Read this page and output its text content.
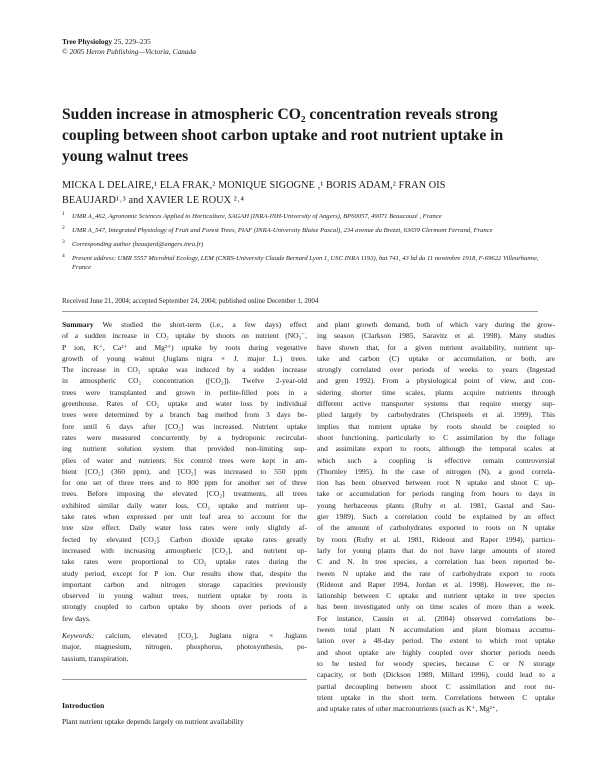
Tree Physiology 25, 229–235
© 2005 Heron Publishing—Victoria, Canada
Sudden increase in atmospheric CO₂ concentration reveals strong coupling between shoot carbon uptake and root nutrient uptake in young walnut trees
MICKA L DELAIRE,¹ ELA FRAK,² MONIQUE SIGOGNE ,¹ BORIS ADAM,² FRAN OIS
BEAUJARD¹˒³ and XAVIER LE ROUX ²˒⁴
1 UMR A_462, Agronomic Sciences Applied to Horticulture, SAGAH (INRA-INH-University of Angers), BP60057, 49071 Beaucouzé , France
2 UMR A_547, Integrated Physiology of Fruit and Forest Trees, PIAF (INRA-University Blaise Pascal), 234 avenue du Brezet, 63039 Clermont Ferrand, France
3 Corresponding author (beaujard@angers.inra.fr)
4 Present address: UMR 5557 Microbial Ecology, LEM (CNRS-University Claude Bernard Lyon 1, USC INRA 1193), bat 741, 43 bd du 11 novembre 1918, F-69622 Villeurbanne, France
Received June 21, 2004; accepted September 24, 2004; published online December 1, 2004
Summary We studied the short-term (i.e., a few days) effect
of a sudden increase in CO₂ uptake by shoots on nutrient (NO₃⁻,
P ion, K⁺, Ca²⁺ and Mg²⁺) uptake by roots during vegetative
growth of young walnut (Juglans nigra × J. major L.) trees.
The increase in CO₂ uptake was induced by a sudden increase
in atmospheric CO₂ concentration ([CO₂]). Twelve 2-year-old
trees were transplanted and grown in perlite-filled pots in a
greenhouse. Rates of CO₂ uptake and water loss by individual
trees were determined by a branch bag method from 3 days be-
fore until 6 days after [CO₂] was increased. Nutrient uptake
rates were measured concurrently by a hydroponic recirculat-
ing nutrient solution system that provided non-limiting sup-
plies of water and nutrients. Six control trees were kept in am-
bient [CO₂] (360 ppm), and [CO₂] was increased to 550 ppm
for one set of three trees and to 800 ppm for another set of three
trees. Before imposing the elevated [CO₂] treatments, all trees
exhibited similar daily water loss, CO₂ uptake and nutrient up-
take rates when expressed per unit leaf area to account for the
tree size effect. Daily water loss rates were only slightly af-
fected by elevated [CO₂]. Carbon dioxide uptake rates greatly
increased with increasing atmospheric [CO₂], and nutrient up-
take rates were proportional to CO₂ uptake rates during the
study period, except for P ion. Our results show that, despite the
important carbon and nitrogen storage capacities previously
observed in young walnut trees, nutrient uptake by roots is
strongly coupled to carbon uptake by shoots over periods of a
few days.
Keywords: calcium, elevated [CO₂], Juglans nigra × Juglans
major, magnesium, nitrogen, phosphorus, photosynthesis, po-
tassium, transpiration.
Introduction
Plant nutrient uptake depends largely on nutrient availability
and plant growth demand, both of which vary during the grow-
ing season (Clarkson 1985, Saravitz et al. 1998). Many studies
have shown that, for a given nutrient availability, nutrient up-
take and carbon (C) uptake or accumulation, or both, are
strongly correlated over periods of weeks to years (Ingestad
and gren 1992). From a physiological point of view, and con-
sidering shorter time scales, plants acquire nutrients through
different active transporter systems that require energy sup-
plied largely by carbohydrates (Chrispeels et al. 1999). This
implies that nutrient uptake by roots should be coupled to
shoot functioning, particularly to C assimilation by the foliage
and assimilate export to roots, although the temporal scales at
which such a coupling is effective remain controversial
(Thornley 1995). In the case of nitrogen (N), a good correla-
tion has been observed between root N uptake and shoot C up-
take or accumulation for periods ranging from hours to days in
young herbaceous plants (Rufty et al. 1981, Gastal and Sau-
gier 1989). Such a correlation could be explained by an effect
of the amount of carbohydrates exported to roots on N uptake
by roots (Rufty et al. 1981, Rideout and Raper 1994), particu-
larly for young plants that do not have large amounts of stored
C and N. In tree species, a correlation has been reported be-
tween N uptake and the rate of carbohydrate export to roots
(Rideout and Raper 1994, Jordan et al. 1998). However, the re-
lationship between C uptake and nutrient uptake in tree species
has been investigated only on time scales of more than a week.
For instance, Causin et al. (2004) observed correlations be-
tween total plant N accumulation and plant biomass accumu-
lation over a 48-day period. The extent to which root uptake
and shoot uptake are highly coupled over shorter periods needs
to be tested for woody species, because C or N storage
capacity, or both (Dickson 1989, Millard 1996), could lead to a
partial decoupling between shoot C assimilation and root nu-
trient uptake in the short term. Correlations between C uptake
and uptake rates of other macronutrients (such as K⁺, Mg²⁺,
